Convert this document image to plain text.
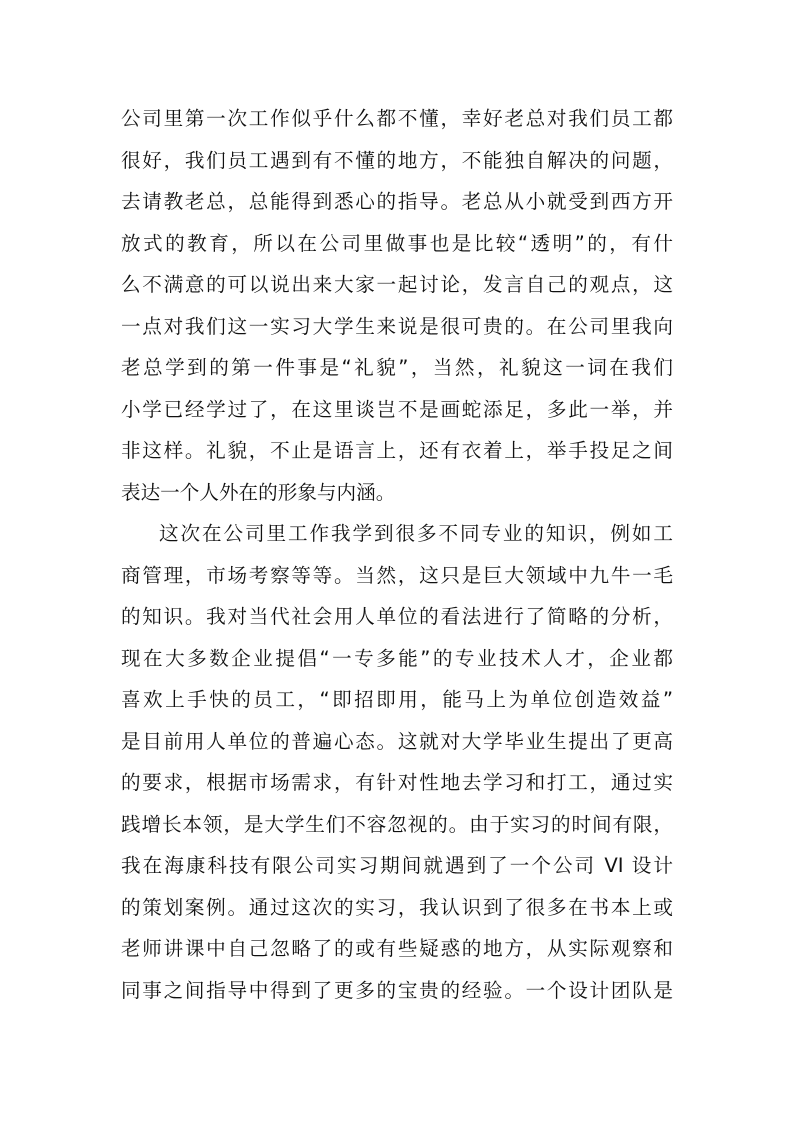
公司里第一次工作似乎什么都不懂，幸好老总对我们员工都
很好，我们员工遇到有不懂的地方，不能独自解决的问题，
去请教老总，总能得到悉心的指导。老总从小就受到西方开
放式的教育，所以在公司里做事也是比较“透明”的，有什
么不满意的可以说出来大家一起讨论，发言自己的观点，这
一点对我们这一实习大学生来说是很可贵的。在公司里我向
老总学到的第一件事是“礼貌”，当然，礼貌这一词在我们
小学已经学过了，在这里谈岂不是画蛇添足，多此一举，并
非这样。礼貌，不止是语言上，还有衣着上，举手投足之间
表达一个人外在的形象与内涵。
这次在公司里工作我学到很多不同专业的知识，例如工
商管理，市场考察等等。当然，这只是巨大领域中九牛一毛
的知识。我对当代社会用人单位的看法进行了简略的分析，
现在大多数企业提倡“一专多能”的专业技术人才，企业都
喜欢上手快的员工，“即招即用，能马上为单位创造效益”
是目前用人单位的普遍心态。这就对大学毕业生提出了更高
的要求，根据市场需求，有针对性地去学习和打工，通过实
践增长本领，是大学生们不容忽视的。由于实习的时间有限，
我在海康科技有限公司实习期间就遇到了一个公司 VI 设计
的策划案例。通过这次的实习，我认识到了很多在书本上或
老师讲课中自己忽略了的或有些疑惑的地方，从实际观察和
同事之间指导中得到了更多的宝贵的经验。一个设计团队是
